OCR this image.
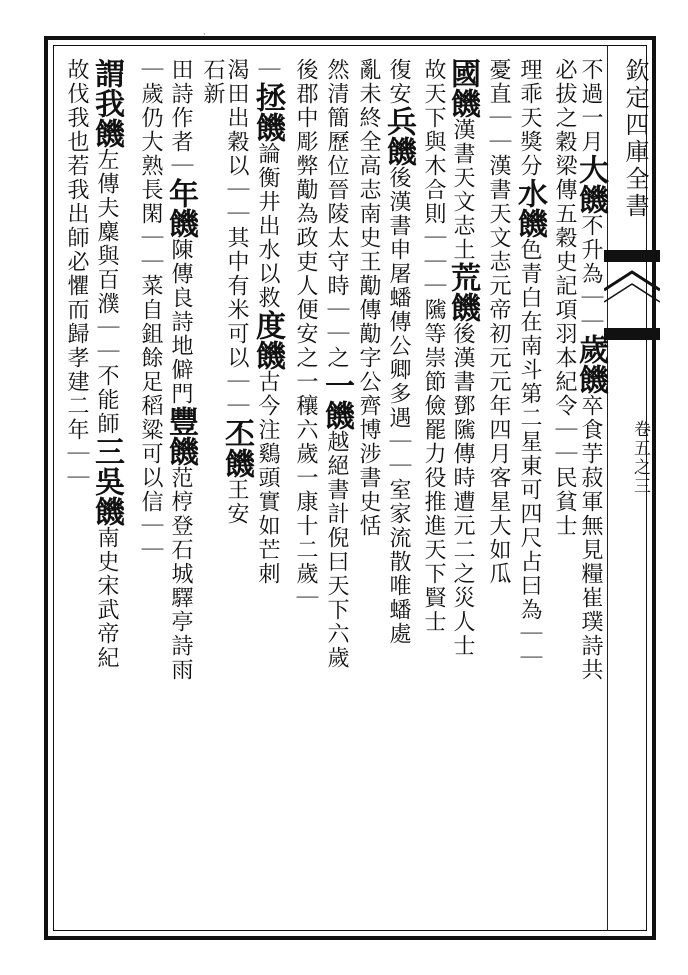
欽定四庫全書
卷五之三
·
不過一月大饑不升為｜｜歲饑卒食芋菽軍無見糧崔璞詩共
必拔之穀梁傳五穀史記項羽本紀令｜｜民貧士
理乖天獎分水饑色青白在南斗第二星東可四尺占曰為｜｜
憂直｜｜漢書天文志元帝初元元年四月客星大如瓜
國饑漢書天文志土荒饑後漢書鄧隲傳時遭元二之災人士
故天下與木合則｜｜｜隲等崇節儉罷力役推進天下賢士
復安兵饑後漢書申屠蟠傳公卿多遇｜｜室家流散唯蟠處
亂未終全高志南史王勱傳勱字公齊博涉書史恬
然清簡歷位晉陵太守時｜｜之一饑越絕書計倪曰天下六歲
後郡中彫弊勱為政吏人便安之一穰六歲一康十二歲｜
｜拯饑論衡井出水以救度饑古今注鷄頭實如芒刺
渴田出穀以｜｜其中有米可以｜｜丕饑王安
石新
田詩作者｜年饑陳傳良詩地僻門豐饑范梈登石城驛亭詩雨
｜歲仍大熟長閑｜｜菜自鉏餘足稻粱可以信｜｜
謂我饑左傳夫麋與百濮｜｜不能師三吳饑南史宋武帝紀
故伐我也若我出師必懼而歸孝建二年｜｜
